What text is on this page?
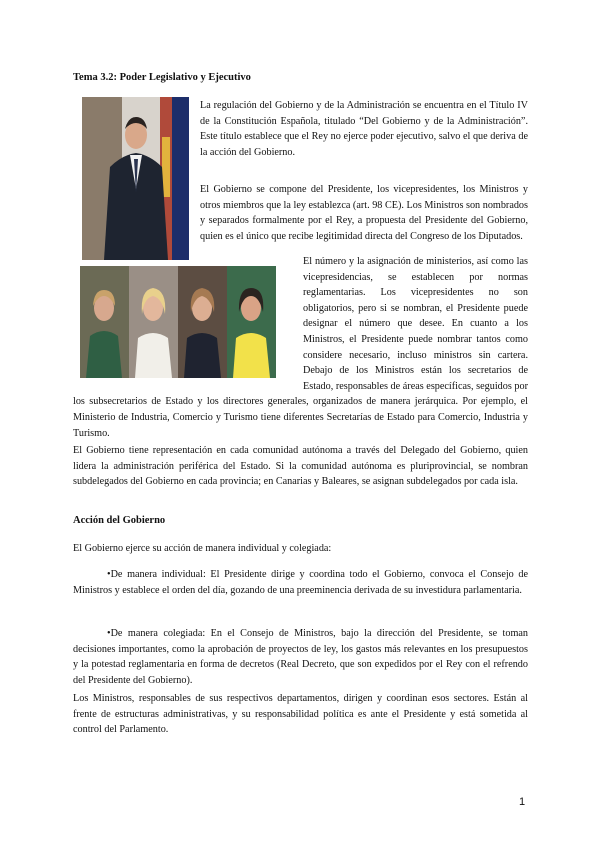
Tema 3.2: Poder Legislativo y Ejecutivo

La regulación del Gobierno y de la Administración se encuentra en el Título IV de la Constitución Española, titulado “Del Gobierno y de la Administración”. Este título establece que el Rey no ejerce poder ejecutivo, salvo el que deriva de la acción del Gobierno.

El Gobierno se compone del Presidente, los vicepresidentes, los Ministros y otros miembros que la ley establezca (art. 98 CE). Los Ministros son nombrados y separados formalmente por el Rey, a propuesta del Presidente del Gobierno, quien es el único que recibe legitimidad directa del Congreso de los Diputados.

El número y la asignación de ministerios, así como las vicepresidencias, se establecen por normas reglamentarias. Los vicepresidentes no son obligatorios, pero si se nombran, el Presidente puede designar el número que desee. En cuanto a los Ministros, el Presidente puede nombrar tantos como considere necesario, incluso ministros sin cartera. Debajo de los Ministros están los secretarios de Estado, responsables de áreas específicas, seguidos por los subsecretarios de Estado y los directores generales, organizados de manera jerárquica. Por ejemplo, el Ministerio de Industria, Comercio y Turismo tiene diferentes Secretarías de Estado para Comercio, Industria y Turismo.

El Gobierno tiene representación en cada comunidad autónoma a través del Delegado del Gobierno, quien lidera la administración periférica del Estado. Si la comunidad autónoma es pluriprovincial, se nombran subdelegados del Gobierno en cada provincia; en Canarias y Baleares, se asignan subdelegados por cada isla.

Acción del Gobierno

El Gobierno ejerce su acción de manera individual y colegiada:

•De manera individual: El Presidente dirige y coordina todo el Gobierno, convoca el Consejo de Ministros y establece el orden del día, gozando de una preeminencia derivada de su investidura parlamentaria.

•De manera colegiada: En el Consejo de Ministros, bajo la dirección del Presidente, se toman decisiones importantes, como la aprobación de proyectos de ley, los gastos más relevantes en los presupuestos y la potestad reglamentaria en forma de decretos (Real Decreto, que son expedidos por el Rey con el refrendo del Presidente del Gobierno).

Los Ministros, responsables de sus respectivos departamentos, dirigen y coordinan esos sectores. Están al frente de estructuras administrativas, y su responsabilidad política es ante el Presidente y está sometida al control del Parlamento.

1
